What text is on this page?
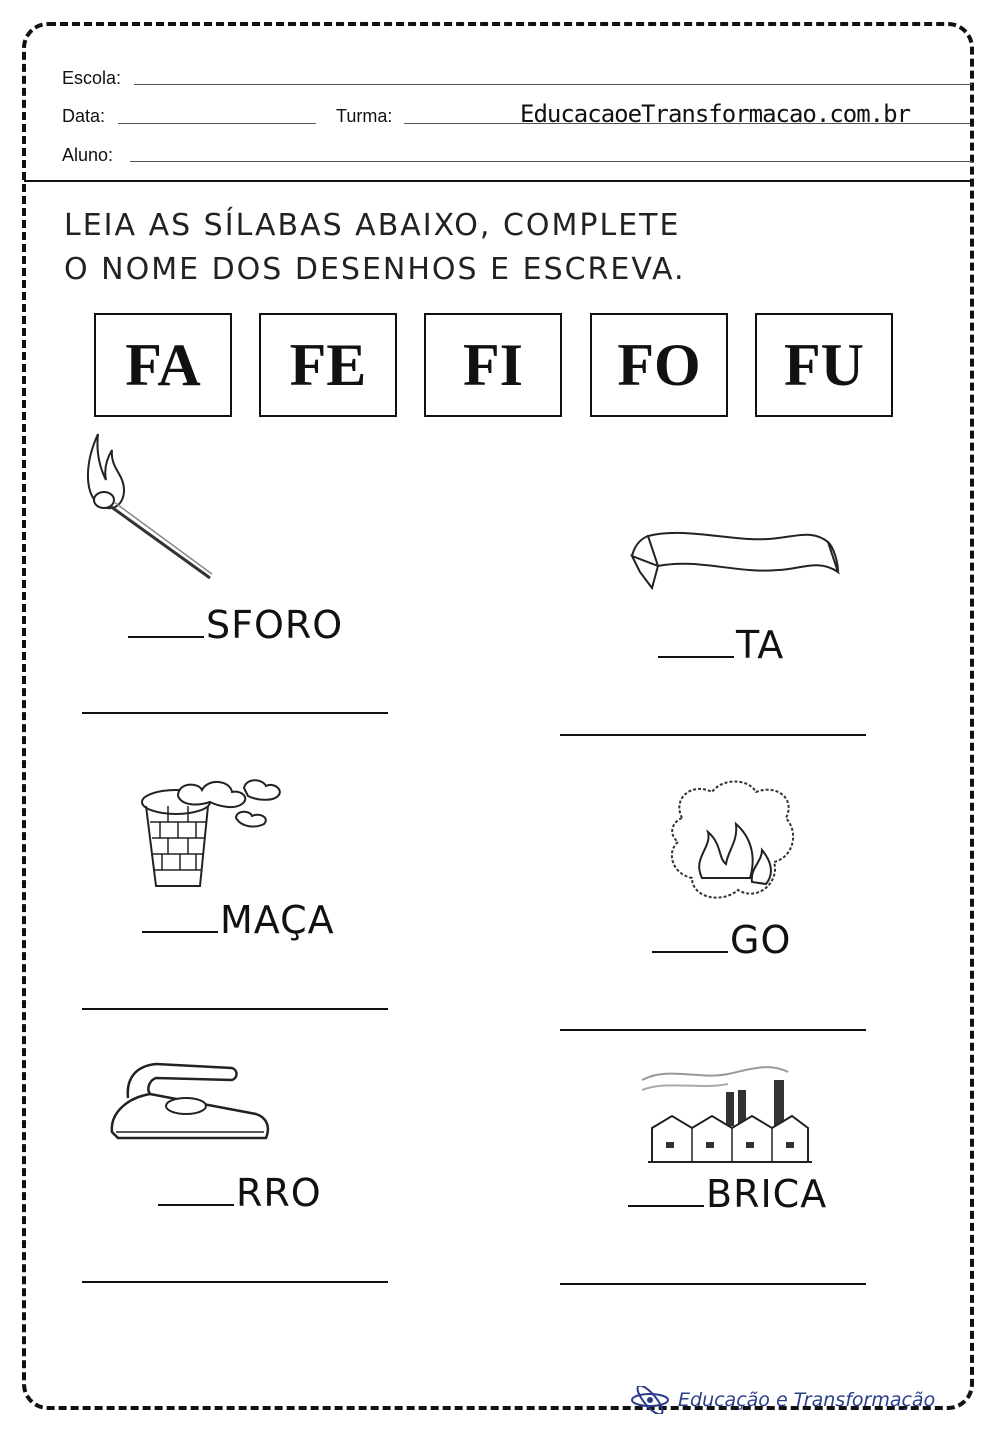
Escola:
Data:	Turma:	EducacaoeTransformacao.com.br
Aluno:
LEIA AS SÍLABAS ABAIXO, COMPLETE
O NOME DOS DESENHOS E ESCREVA.
FA	FE	FI	FO	FU
SFORO	TA
MAÇA	GO
RRO	BRICA
Educação e Transformação
